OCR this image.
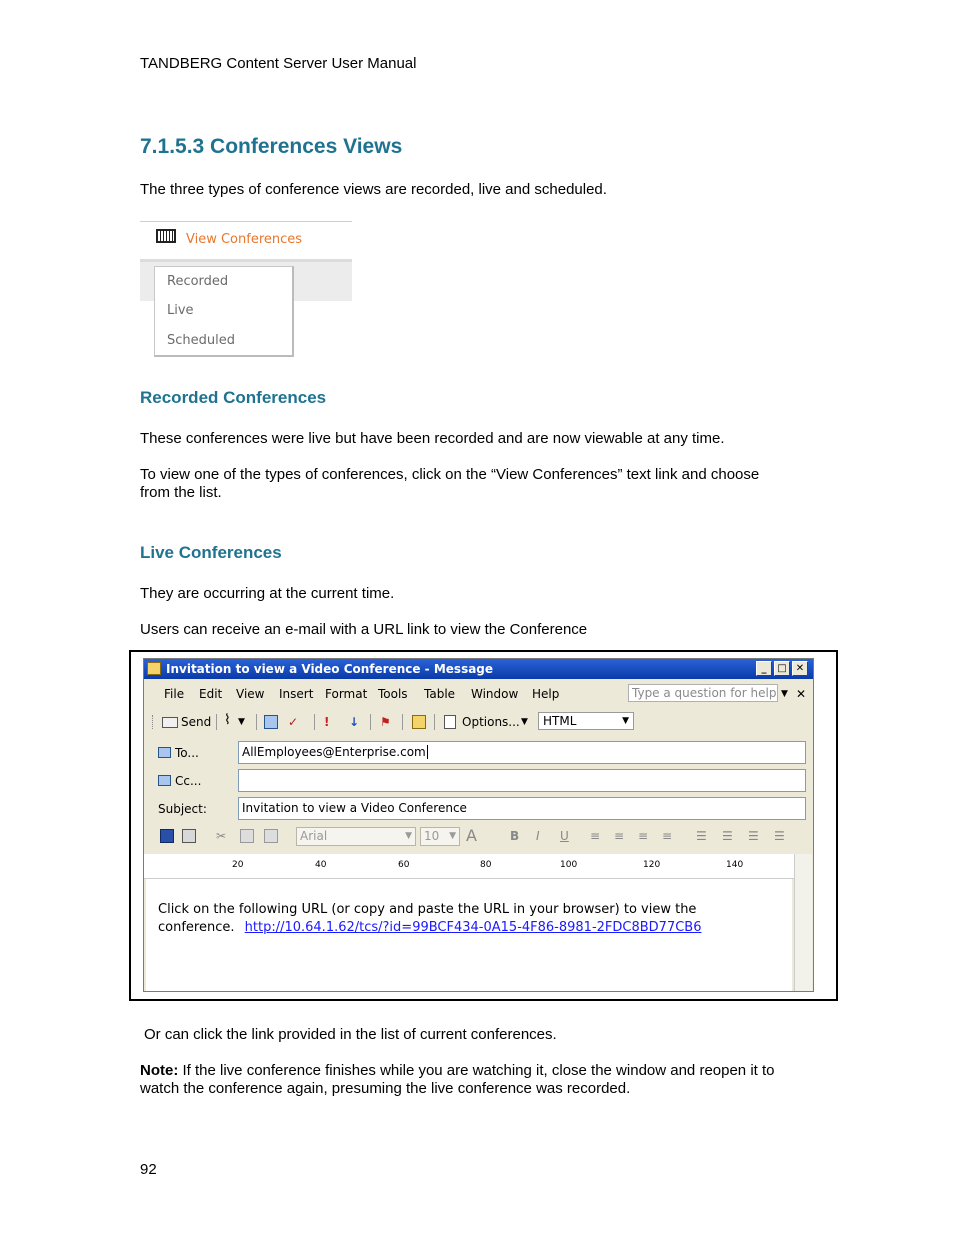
TANDBERG Content Server User Manual
7.1.5.3 Conferences Views
The three types of conference views are recorded, live and scheduled.
View Conferences
Recorded
Live
Scheduled
Recorded Conferences
These conferences were live but have been recorded and are now viewable at any time.
To view one of the types of conferences, click on the “View Conferences” text link and choose
from the list.
Live Conferences
They are occurring at the current time.
Users can receive an e-mail with a URL link to view the Conference
Invitation to view a Video Conference - Message	_	□ ✕
File Edit View Insert Format Tools Table Window Help	Type a question for help ▼ ✕
Send ⌇ ▼	✓ ! ↓ ⚑	Options... ▼	HTML	▼
To...	AllEmployees@Enterprise.com
Cc...
Subject:	Invitation to view a Video Conference
✂	Arial	▼	10 ▼ A	B I U ≡ ≡ ≡ ≡ ☰ ☰ ☰ ☰
20	40	60	80	100	120	140
Click on the following URL (or copy and paste the URL in your browser) to view the
conference. http://10.64.1.62/tcs/?id=99BCF434-0A15-4F86-8981-2FDC8BD77CB6
Or can click the link provided in the list of current conferences.
Note: If the live conference finishes while you are watching it, close the window and reopen it to
watch the conference again, presuming the live conference was recorded.
92
